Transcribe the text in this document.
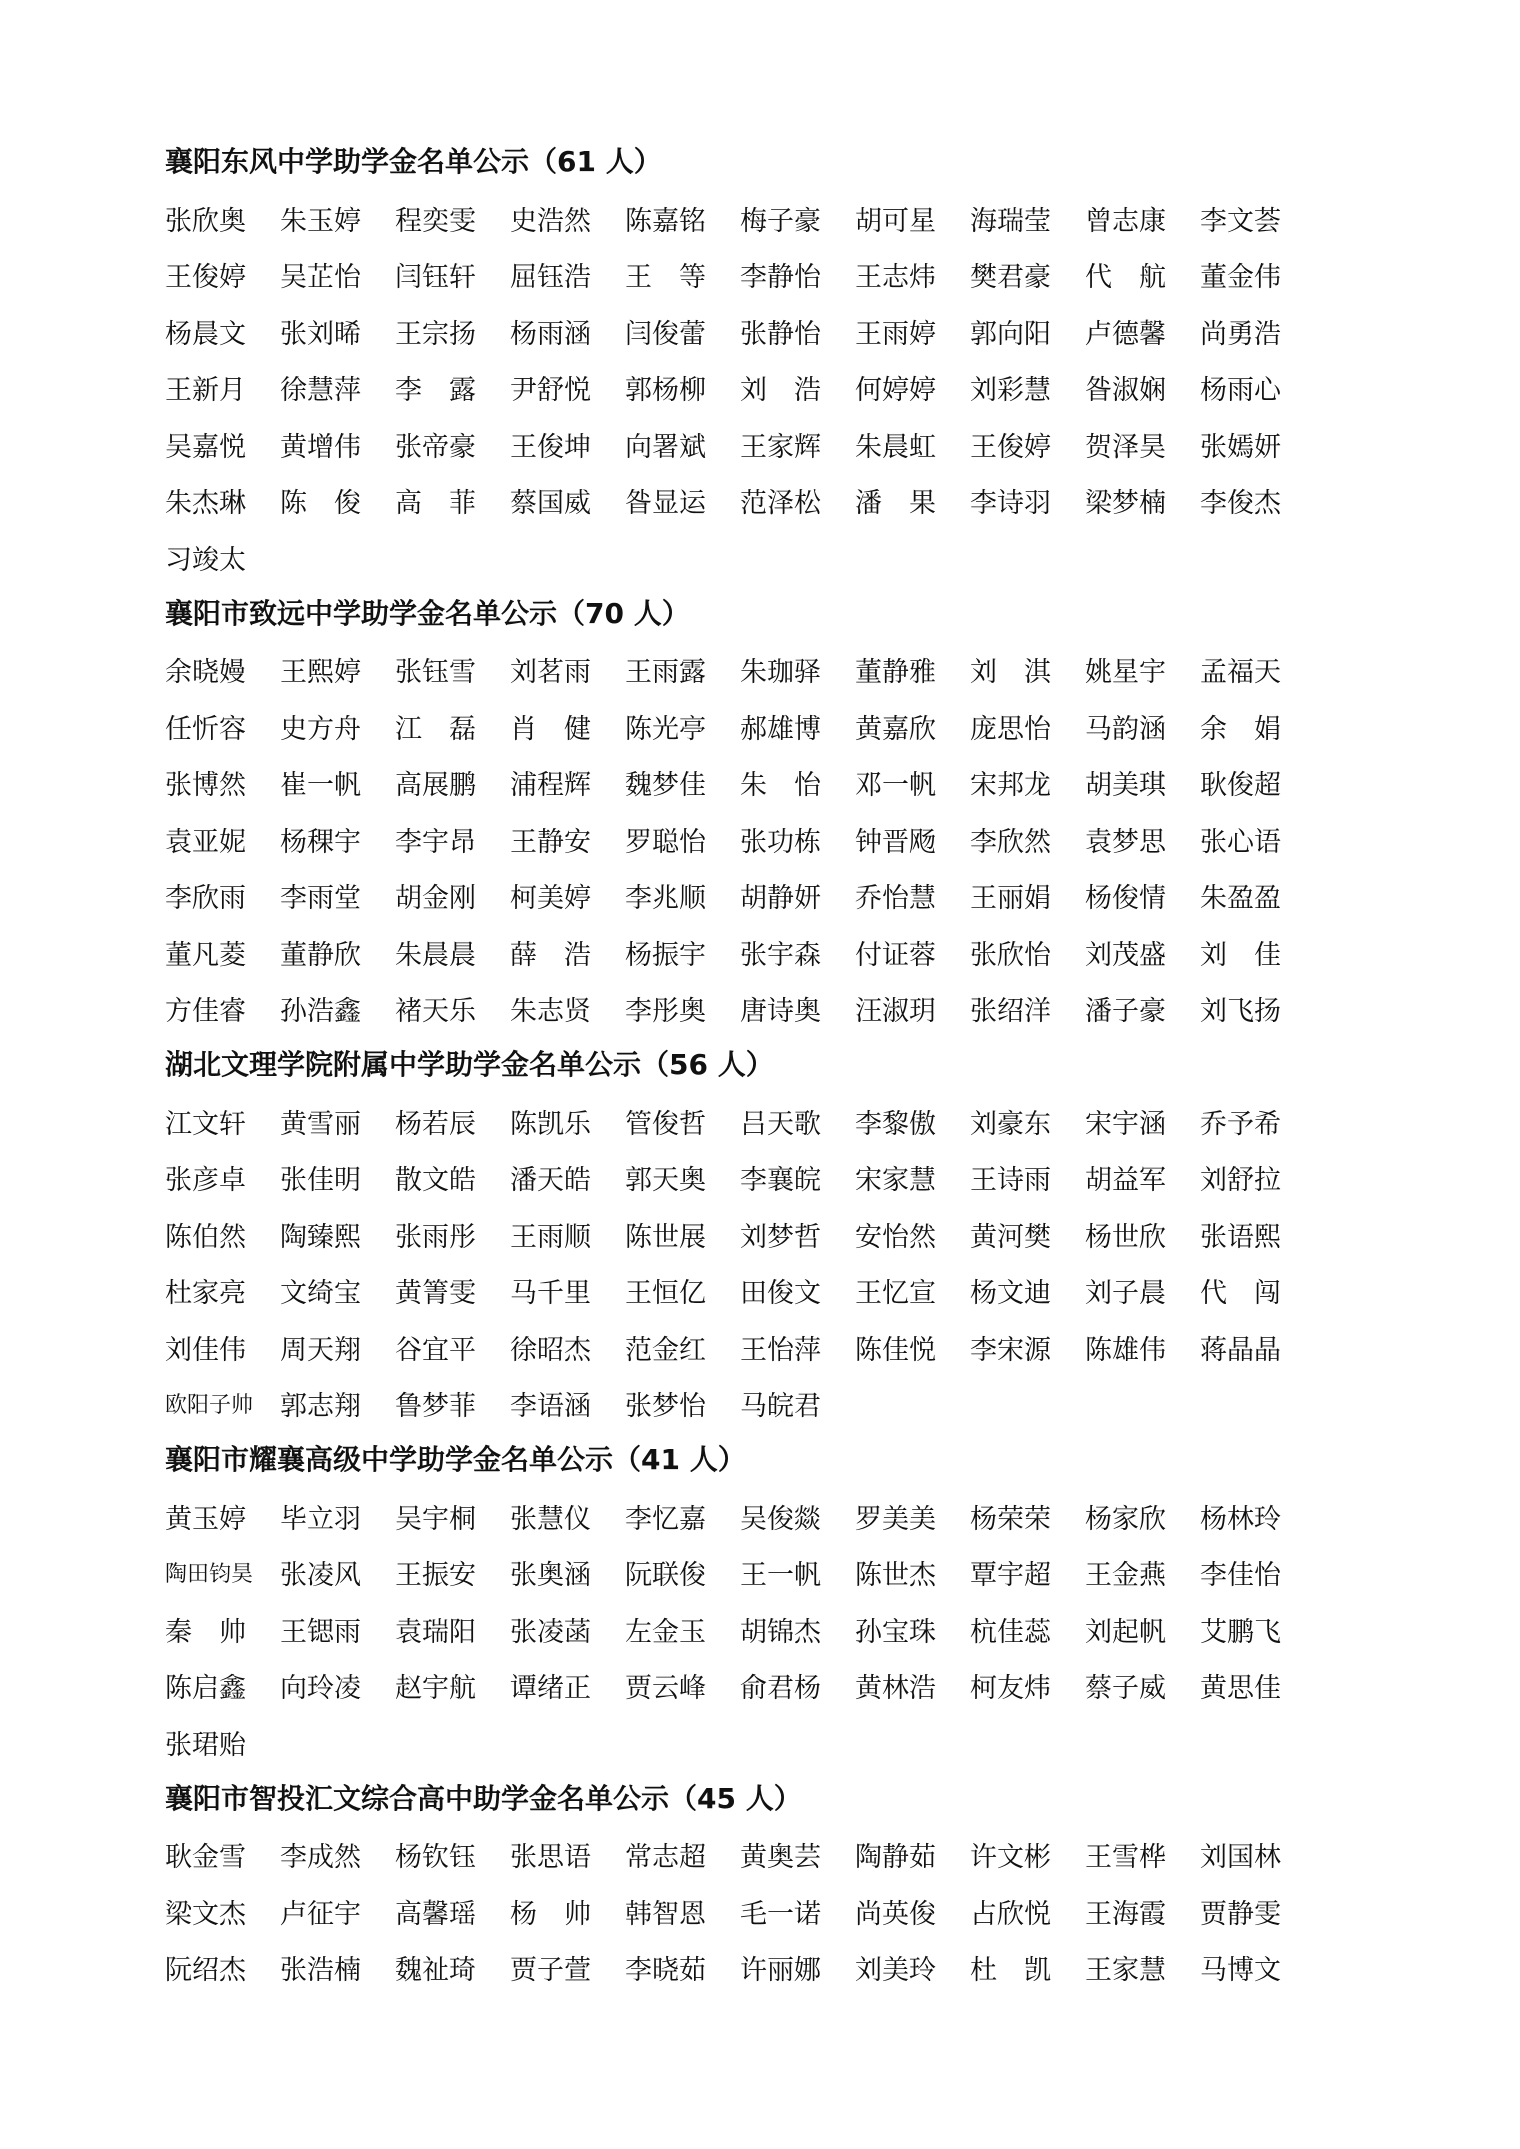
襄阳东风中学助学金名单公示（61 人）
张欣奥	朱玉婷	程奕雯	史浩然	陈嘉铭	梅子豪	胡可星	海瑞莹	曾志康	李文荟
王俊婷	吴芷怡	闫钰轩	屈钰浩	王　等	李静怡	王志炜	樊君豪	代　航	董金伟
杨晨文	张刘晞	王宗扬	杨雨涵	闫俊蕾	张静怡	王雨婷	郭向阳	卢德馨	尚勇浩
王新月	徐慧萍	李　露	尹舒悦	郭杨柳	刘　浩	何婷婷	刘彩慧	昝淑娴	杨雨心
吴嘉悦	黄增伟	张帝豪	王俊坤	向署斌	王家辉	朱晨虹	王俊婷	贺泽昊	张嫣妍
朱杰琳	陈　俊	高　菲	蔡国威	昝显运	范泽松	潘　果	李诗羽	梁梦楠	李俊杰
习竣太
襄阳市致远中学助学金名单公示（70 人）
余晓嫚	王熙婷	张钰雪	刘茗雨	王雨露	朱珈驿	董静雅	刘　淇	姚星宇	孟福天
任忻容	史方舟	江　磊	肖　健	陈光亭	郝雄博	黄嘉欣	庞思怡	马韵涵	余　娟
张博然	崔一帆	高展鹏	浦程辉	魏梦佳	朱　怡	邓一帆	宋邦龙	胡美琪	耿俊超
袁亚妮	杨稞宇	李宇昂	王静安	罗聪怡	张功栋	钟晋飏	李欣然	袁梦思	张心语
李欣雨	李雨堂	胡金刚	柯美婷	李兆顺	胡静妍	乔怡慧	王丽娟	杨俊情	朱盈盈
董凡菱	董静欣	朱晨晨	薛　浩	杨振宇	张宇森	付证蓉	张欣怡	刘茂盛	刘　佳
方佳睿	孙浩鑫	褚天乐	朱志贤	李彤奥	唐诗奥	汪淑玥	张绍洋	潘子豪	刘飞扬
湖北文理学院附属中学助学金名单公示（56 人）
江文轩	黄雪丽	杨若辰	陈凯乐	管俊哲	吕天歌	李黎傲	刘豪东	宋宇涵	乔予希
张彦卓	张佳明	散文皓	潘天皓	郭天奥	李襄皖	宋家慧	王诗雨	胡益军	刘舒拉
陈伯然	陶臻熙	张雨彤	王雨顺	陈世展	刘梦哲	安怡然	黄河樊	杨世欣	张语熙
杜家亮	文绮宝	黄箐雯	马千里	王恒亿	田俊文	王忆宣	杨文迪	刘子晨	代　闯
刘佳伟	周天翔	谷宜平	徐昭杰	范金红	王怡萍	陈佳悦	李宋源	陈雄伟	蒋晶晶
欧阳子帅 郭志翔	鲁梦菲	李语涵	张梦怡	马皖君
襄阳市耀襄高级中学助学金名单公示（41 人）
黄玉婷	毕立羽	吴宇桐	张慧仪	李忆嘉	吴俊燚	罗美美	杨荣荣	杨家欣	杨林玲
陶田钧昊 张凌风	王振安	张奥涵	阮联俊	王一帆	陈世杰	覃宇超	王金燕	李佳怡
秦　帅	王锶雨	袁瑞阳	张凌菡	左金玉	胡锦杰	孙宝珠	杭佳蕊	刘起帆	艾鹏飞
陈启鑫	向玲凌	赵宇航	谭绪正	贾云峰	俞君杨	黄林浩	柯友炜	蔡子威	黄思佳
张珺贻
襄阳市智投汇文综合高中助学金名单公示（45 人）
耿金雪	李成然	杨钦钰	张思语	常志超	黄奥芸	陶静茹	许文彬	王雪桦	刘国林
梁文杰	卢征宇	高馨瑶	杨　帅	韩智恩	毛一诺	尚英俊	占欣悦	王海霞	贾静雯
阮绍杰	张浩楠	魏祉琦	贾子萱	李晓茹	许丽娜	刘美玲	杜　凯	王家慧	马博文
